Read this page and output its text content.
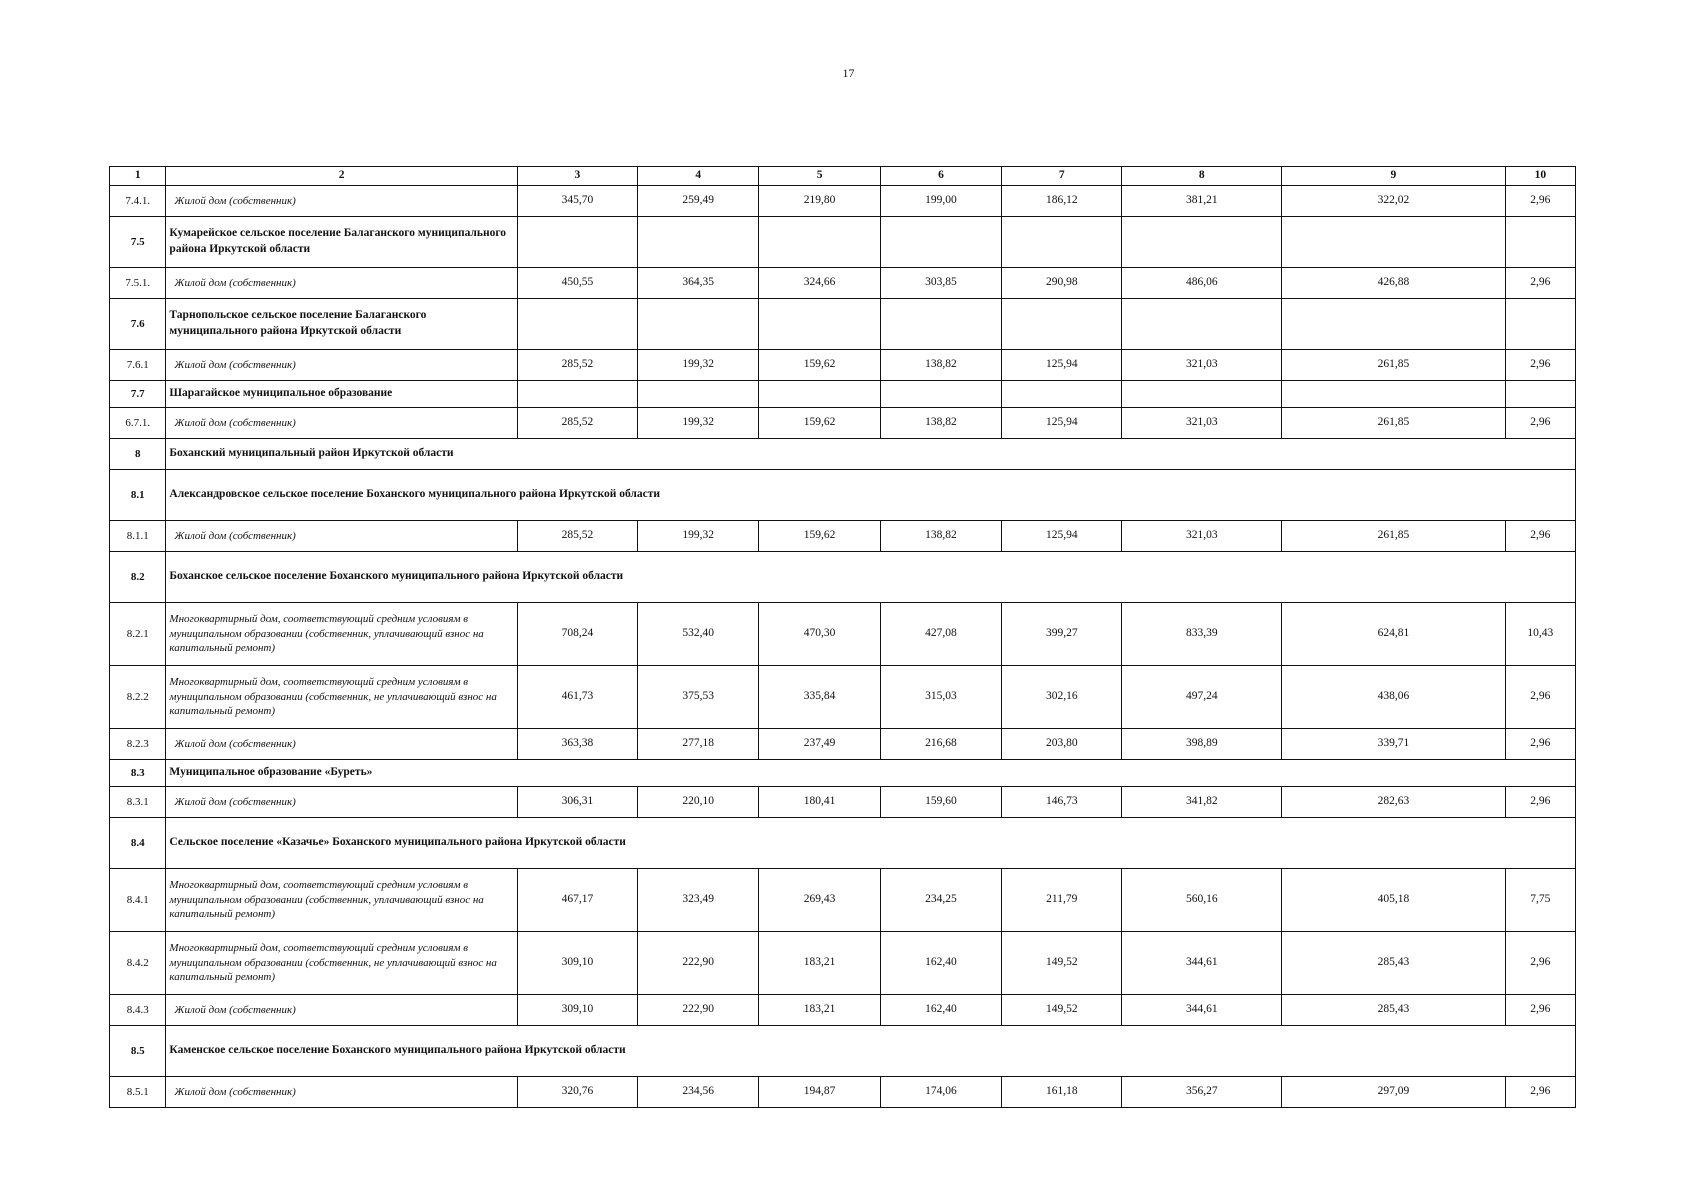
17
1	2	3	4	5	6	7	8	9	10
7.4.1.	Жилой дом (собственник)	345,70	259,49	219,80	199,00	186,12	381,21	322,02	2,96
7.5	Кумарейское сельское поселение Балаганского муниципального района Иркутской области								
7.5.1.	Жилой дом (собственник)	450,55	364,35	324,66	303,85	290,98	486,06	426,88	2,96
7.6	Тарнопольское сельское поселение Балаганского муниципального района Иркутской области								
7.6.1	Жилой дом (собственник)	285,52	199,32	159,62	138,82	125,94	321,03	261,85	2,96
7.7	Шарагайское муниципальное образование								
6.7.1.	Жилой дом (собственник)	285,52	199,32	159,62	138,82	125,94	321,03	261,85	2,96
8	Боханский муниципальный район Иркутской области								
8.1	Александровское сельское поселение Боханского муниципального района Иркутской области								
8.1.1	Жилой дом (собственник)	285,52	199,32	159,62	138,82	125,94	321,03	261,85	2,96
8.2	Боханское сельское поселение Боханского муниципального района Иркутской области								
8.2.1	Многоквартирный дом, соответствующий средним условиям в муниципальном образовании (собственник, уплачивающий взнос на капитальный ремонт)	708,24	532,40	470,30	427,08	399,27	833,39	624,81	10,43
8.2.2	Многоквартирный дом, соответствующий средним условиям в муниципальном образовании (собственник, не уплачивающий взнос на капитальный ремонт)	461,73	375,53	335,84	315,03	302,16	497,24	438,06	2,96
8.2.3	Жилой дом (собственник)	363,38	277,18	237,49	216,68	203,80	398,89	339,71	2,96
8.3	Муниципальное образование «Буреть»								
8.3.1	Жилой дом (собственник)	306,31	220,10	180,41	159,60	146,73	341,82	282,63	2,96
8.4	Сельское поселение «Казачье» Боханского муниципального района Иркутской области								
8.4.1	Многоквартирный дом, соответствующий средним условиям в муниципальном образовании (собственник, уплачивающий взнос на капитальный ремонт)	467,17	323,49	269,43	234,25	211,79	560,16	405,18	7,75
8.4.2	Многоквартирный дом, соответствующий средним условиям в муниципальном образовании (собственник, не уплачивающий взнос на капитальный ремонт)	309,10	222,90	183,21	162,40	149,52	344,61	285,43	2,96
8.4.3	Жилой дом (собственник)	309,10	222,90	183,21	162,40	149,52	344,61	285,43	2,96
8.5	Каменское сельское поселение Боханского муниципального района Иркутской области								
8.5.1	Жилой дом (собственник)	320,76	234,56	194,87	174,06	161,18	356,27	297,09	2,96
